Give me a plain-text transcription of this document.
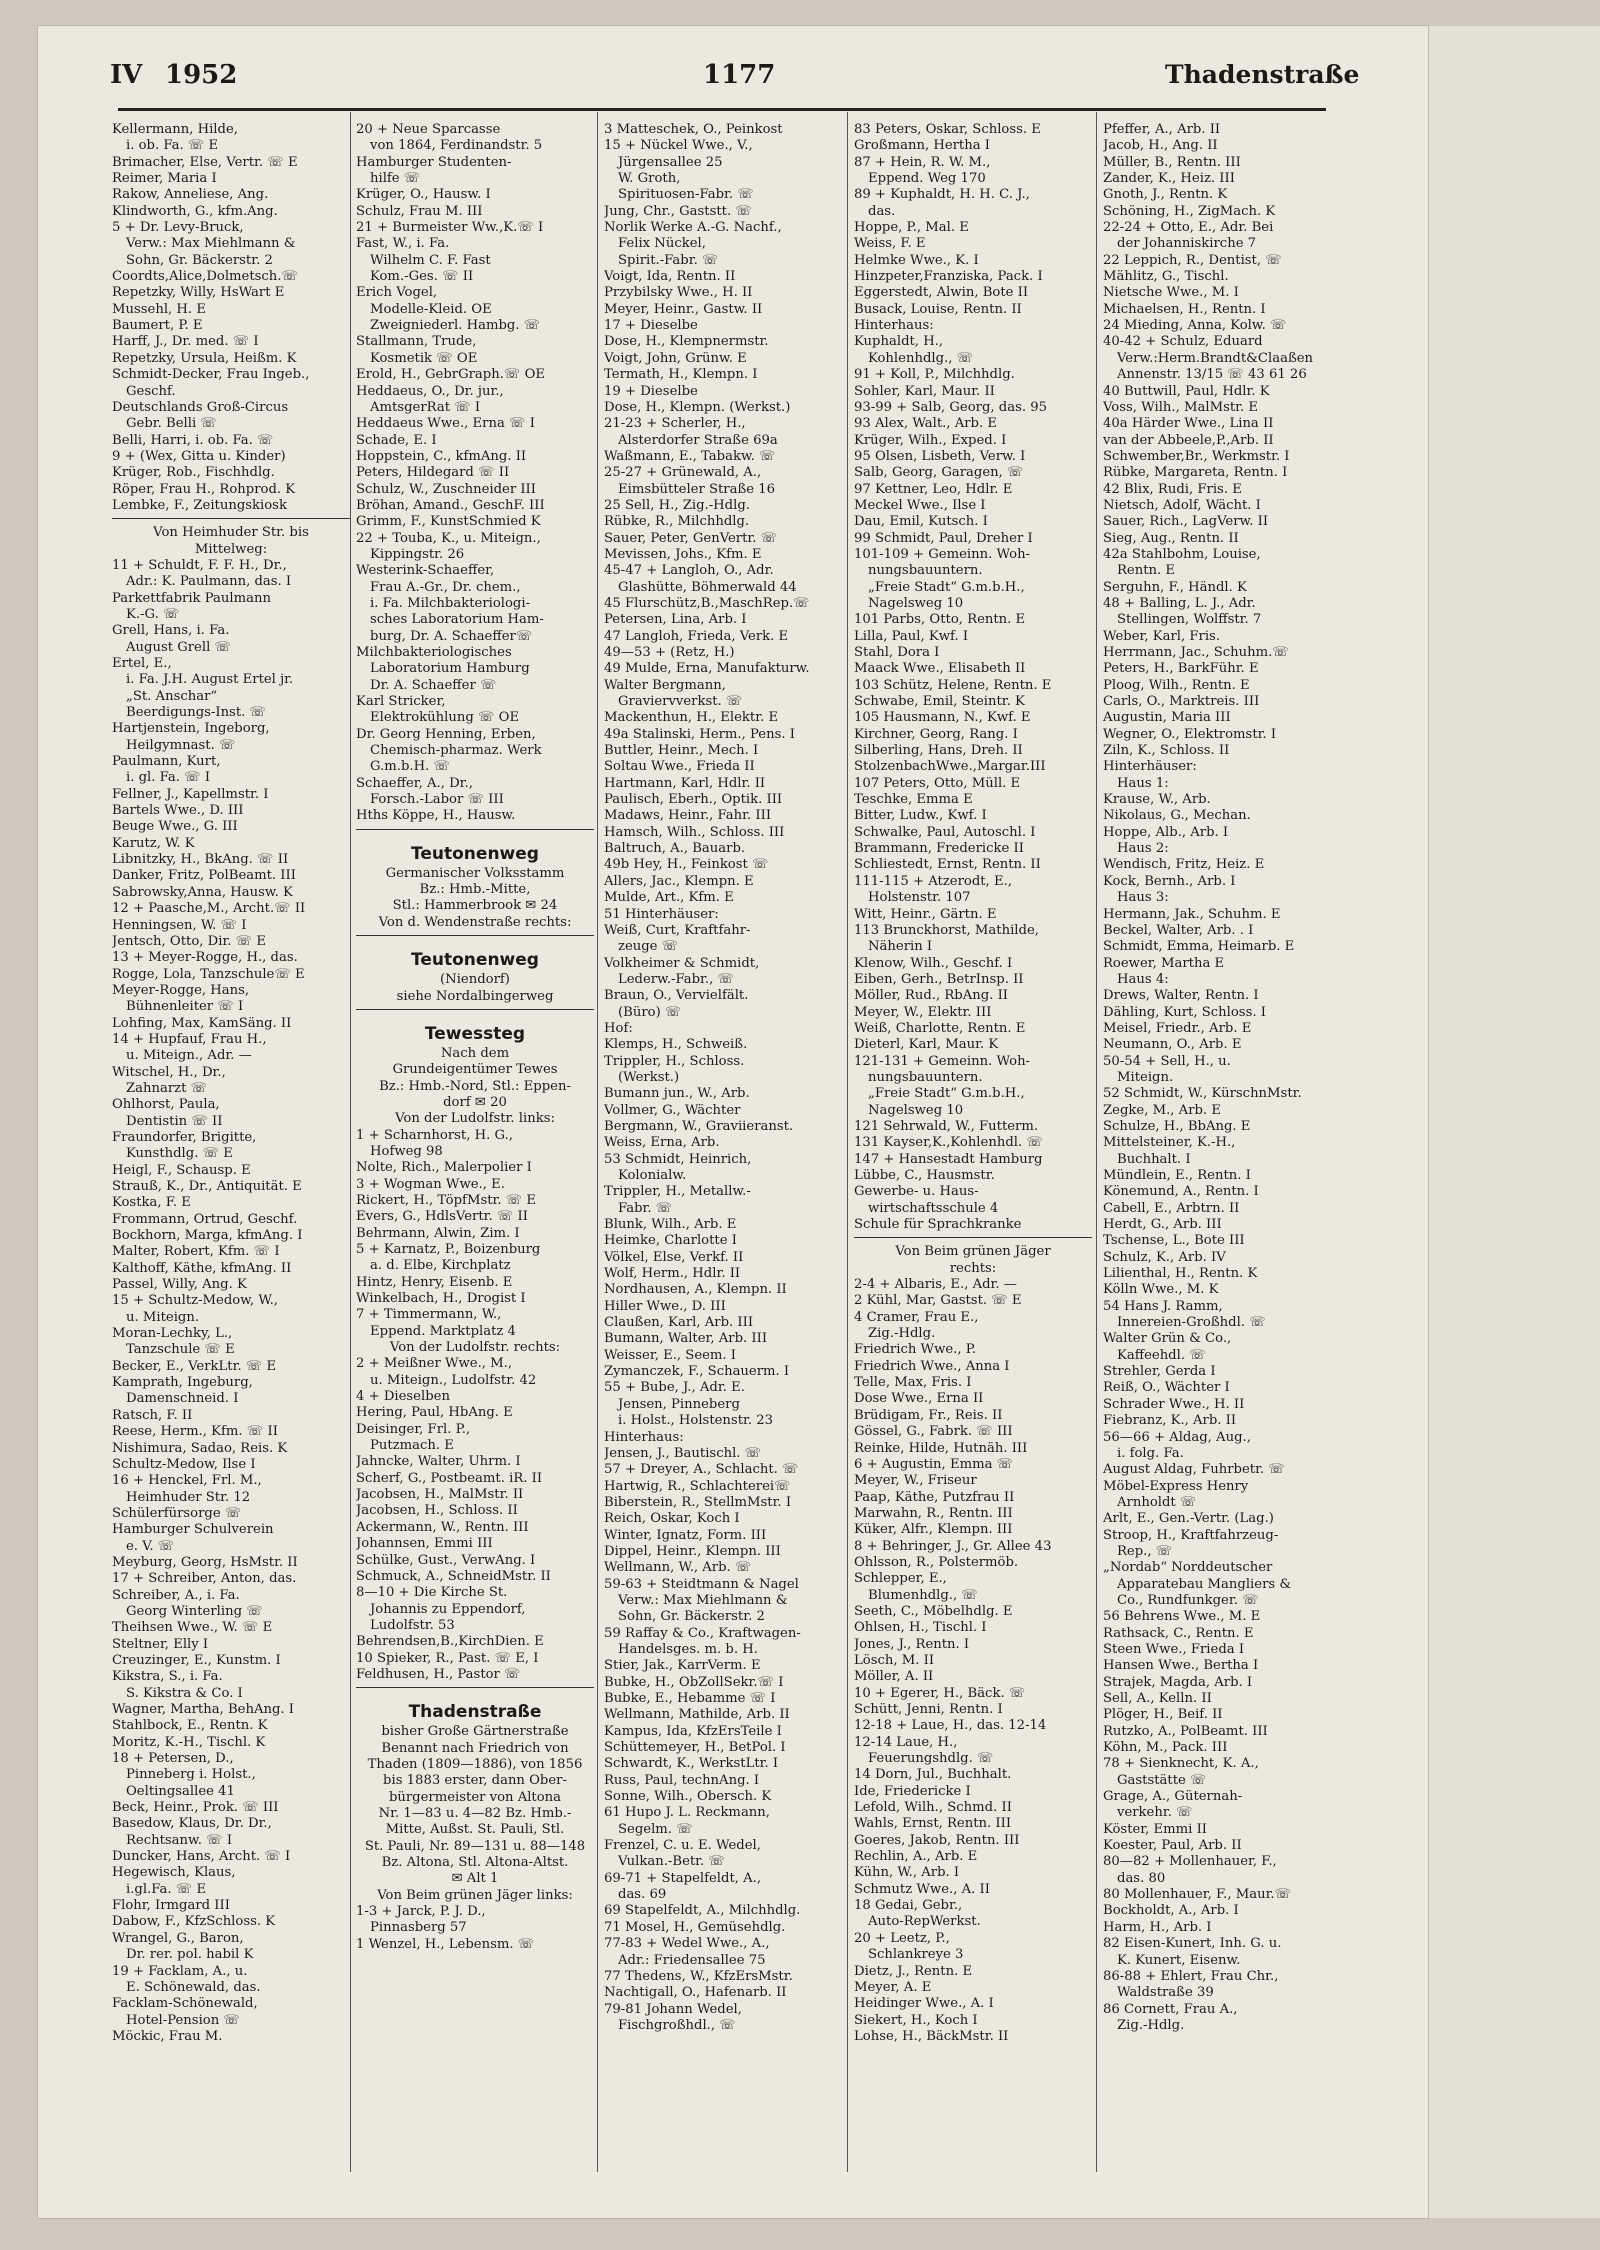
IV 1952	1177	Thadenstraße
Kellermann, Hilde,
i. ob. Fa. ☏ E
Brimacher, Else, Vertr. ☏ E
Reimer, Maria I
Rakow, Anneliese, Ang.
Klindworth, G., kfm.Ang.
5 + Dr. Levy-Bruck,
Verw.: Max Miehlmann &
Sohn, Gr. Bäckerstr. 2
Coordts,Alice,Dolmetsch.☏
Repetzky, Willy, HsWart E
Mussehl, H. E
Baumert, P. E
Harff, J., Dr. med. ☏ I
Repetzky, Ursula, Heißm. K
Schmidt-Decker, Frau Ingeb.,
Geschf.
Deutschlands Groß-Circus
Gebr. Belli ☏
Belli, Harri, i. ob. Fa. ☏
9 + (Wex, Gitta u. Kinder)
Krüger, Rob., Fischhdlg.
Röper, Frau H., Rohprod. K
Lembke, F., Zeitungskiosk
Von Heimhuder Str. bis
Mittelweg:
11 + Schuldt, F. F. H., Dr.,
Adr.: K. Paulmann, das. I
Parkettfabrik Paulmann
K.-G. ☏
Grell, Hans, i. Fa.
August Grell ☏
Ertel, E.,
i. Fa. J.H. August Ertel jr.
„St. Anschar“
Beerdigungs-Inst. ☏
Hartjenstein, Ingeborg,
Heilgymnast. ☏
Paulmann, Kurt,
i. gl. Fa. ☏ I
Fellner, J., Kapellmstr. I
Bartels Wwe., D. III
Beuge Wwe., G. III
Karutz, W. K
Libnitzky, H., BkAng. ☏ II
Danker, Fritz, PolBeamt. III
Sabrowsky,Anna, Hausw. K
12 + Paasche,M., Archt.☏ II
Henningsen, W. ☏ I
Jentsch, Otto, Dir. ☏ E
13 + Meyer-Rogge, H., das.
Rogge, Lola, Tanzschule☏ E
Meyer-Rogge, Hans,
Bühnenleiter ☏ I
Lohfing, Max, KamSäng. II
14 + Hupfauf, Frau H.,
u. Miteign., Adr. —
Witschel, H., Dr.,
Zahnarzt ☏
Ohlhorst, Paula,
Dentistin ☏ II
Fraundorfer, Brigitte,
Kunsthdlg. ☏ E
Heigl, F., Schausp. E
Strauß, K., Dr., Antiquität. E
Kostka, F. E
Frommann, Ortrud, Geschf.
Bockhorn, Marga, kfmAng. I
Malter, Robert, Kfm. ☏ I
Kalthoff, Käthe, kfmAng. II
Passel, Willy, Ang. K
15 + Schultz-Medow, W.,
u. Miteign.
Moran-Lechky, L.,
Tanzschule ☏ E
Becker, E., VerkLtr. ☏ E
Kamprath, Ingeburg,
Damenschneid. I
Ratsch, F. II
Reese, Herm., Kfm. ☏ II
Nishimura, Sadao, Reis. K
Schultz-Medow, Ilse I
16 + Henckel, Frl. M.,
Heimhuder Str. 12
Schülerfürsorge ☏
Hamburger Schulverein
e. V. ☏
Meyburg, Georg, HsMstr. II
17 + Schreiber, Anton, das.
Schreiber, A., i. Fa.
Georg Winterling ☏
Theihsen Wwe., W. ☏ E
Steltner, Elly I
Creuzinger, E., Kunstm. I
Kikstra, S., i. Fa.
S. Kikstra & Co. I
Wagner, Martha, BehAng. I
Stahlbock, E., Rentn. K
Moritz, K.-H., Tischl. K
18 + Petersen, D.,
Pinneberg i. Holst.,
Oeltingsallee 41
Beck, Heinr., Prok. ☏ III
Basedow, Klaus, Dr. Dr.,
Rechtsanw. ☏ I
Duncker, Hans, Archt. ☏ I
Hegewisch, Klaus,
i.gl.Fa. ☏ E
Flohr, Irmgard III
Dabow, F., KfzSchloss. K
Wrangel, G., Baron,
Dr. rer. pol. habil K
19 + Facklam, A., u.
E. Schönewald, das.
Facklam-Schönewald,
Hotel-Pension ☏
Möckic, Frau M.
20 + Neue Sparcasse
von 1864, Ferdinandstr. 5
Hamburger Studenten-
hilfe ☏
Krüger, O., Hausw. I
Schulz, Frau M. III
21 + Burmeister Ww.,K.☏ I
Fast, W., i. Fa.
Wilhelm C. F. Fast
Kom.-Ges. ☏ II
Erich Vogel,
Modelle-Kleid. OE
Zweigniederl. Hambg. ☏
Stallmann, Trude,
Kosmetik ☏ OE
Erold, H., GebrGraph.☏ OE
Heddaeus, O., Dr. jur.,
AmtsgerRat ☏ I
Heddaeus Wwe., Erna ☏ I
Schade, E. I
Hoppstein, C., kfmAng. II
Peters, Hildegard ☏ II
Schulz, W., Zuschneider III
Bröhan, Amand., GeschF. III
Grimm, F., KunstSchmied K
22 + Touba, K., u. Miteign.,
Kippingstr. 26
Westerink-Schaeffer,
Frau A.-Gr., Dr. chem.,
i. Fa. Milchbakteriologi-
sches Laboratorium Ham-
burg, Dr. A. Schaeffer☏
Milchbakteriologisches
Laboratorium Hamburg
Dr. A. Schaeffer ☏
Karl Stricker,
Elektrokühlung ☏ OE
Dr. Georg Henning, Erben,
Chemisch-pharmaz. Werk
G.m.b.H. ☏
Schaeffer, A., Dr.,
Forsch.-Labor ☏ III
Hths Köppe, H., Hausw.
Teutonenweg
Germanischer Volksstamm
Bz.: Hmb.-Mitte,
Stl.: Hammerbrook ✉ 24
Von d. Wendenstraße rechts:
Teutonenweg
(Niendorf)
siehe Nordalbingerweg
Tewessteg
Nach dem
Grundeigentümer Tewes
Bz.: Hmb.-Nord, Stl.: Eppen-
dorf ✉ 20
Von der Ludolfstr. links:
1 + Scharnhorst, H. G.,
Hofweg 98
Nolte, Rich., Malerpolier I
3 + Wogman Wwe., E.
Rickert, H., TöpfMstr. ☏ E
Evers, G., HdlsVertr. ☏ II
Behrmann, Alwin, Zim. I
5 + Karnatz, P., Boizenburg
a. d. Elbe, Kirchplatz
Hintz, Henry, Eisenb. E
Winkelbach, H., Drogist I
7 + Timmermann, W.,
Eppend. Marktplatz 4
Von der Ludolfstr. rechts:
2 + Meißner Wwe., M.,
u. Miteign., Ludolfstr. 42
4 + Dieselben
Hering, Paul, HbAng. E
Deisinger, Frl. P.,
Putzmach. E
Jahncke, Walter, Uhrm. I
Scherf, G., Postbeamt. iR. II
Jacobsen, H., MalMstr. II
Jacobsen, H., Schloss. II
Ackermann, W., Rentn. III
Johannsen, Emmi III
Schülke, Gust., VerwAng. I
Schmuck, A., SchneidMstr. II
8—10 + Die Kirche St.
Johannis zu Eppendorf,
Ludolfstr. 53
Behrendsen,B.,KirchDien. E
10 Spieker, R., Past. ☏ E, I
Feldhusen, H., Pastor ☏
Thadenstraße
bisher Große Gärtnerstraße
Benannt nach Friedrich von
Thaden (1809—1886), von 1856
bis 1883 erster, dann Ober-
bürgermeister von Altona
Nr. 1—83 u. 4—82 Bz. Hmb.-
Mitte, Außst. St. Pauli, Stl.
St. Pauli, Nr. 89—131 u. 88—148
Bz. Altona, Stl. Altona-Altst.
✉ Alt 1
Von Beim grünen Jäger links:
1-3 + Jarck, P. J. D.,
Pinnasberg 57
1 Wenzel, H., Lebensm. ☏
3 Matteschek, O., Peinkost
15 + Nückel Wwe., V.,
Jürgensallee 25
W. Groth,
Spirituosen-Fabr. ☏
Jung, Chr., Gaststt. ☏
Norlik Werke A.-G. Nachf.,
Felix Nückel,
Spirit.-Fabr. ☏
Voigt, Ida, Rentn. II
Przybilsky Wwe., H. II
Meyer, Heinr., Gastw. II
17 + Dieselbe
Dose, H., Klempnermstr.
Voigt, John, Grünw. E
Termath, H., Klempn. I
19 + Dieselbe
Dose, H., Klempn. (Werkst.)
21-23 + Scherler, H.,
Alsterdorfer Straße 69a
Waßmann, E., Tabakw. ☏
25-27 + Grünewald, A.,
Eimsbütteler Straße 16
25 Sell, H., Zig.-Hdlg.
Rübke, R., Milchhdlg.
Sauer, Peter, GenVertr. ☏
Mevissen, Johs., Kfm. E
45-47 + Langloh, O., Adr.
Glashütte, Böhmerwald 44
45 Flurschütz,B.,MaschRep.☏
Petersen, Lina, Arb. I
47 Langloh, Frieda, Verk. E
49—53 + (Retz, H.)
49 Mulde, Erna, Manufakturw.
Walter Bergmann,
Graviervverkst. ☏
Mackenthun, H., Elektr. E
49a Stalinski, Herm., Pens. I
Buttler, Heinr., Mech. I
Soltau Wwe., Frieda II
Hartmann, Karl, Hdlr. II
Paulisch, Eberh., Optik. III
Madaws, Heinr., Fahr. III
Hamsch, Wilh., Schloss. III
Baltruch, A., Bauarb.
49b Hey, H., Feinkost ☏
Allers, Jac., Klempn. E
Mulde, Art., Kfm. E
51 Hinterhäuser:
Weiß, Curt, Kraftfahr-
zeuge ☏
Volkheimer & Schmidt,
Lederw.-Fabr., ☏
Braun, O., Vervielfält.
(Büro) ☏
Hof:
Klemps, H., Schweiß.
Trippler, H., Schloss.
(Werkst.)
Bumann jun., W., Arb.
Vollmer, G., Wächter
Bergmann, W., Graviieranst.
Weiss, Erna, Arb.
53 Schmidt, Heinrich,
Kolonialw.
Trippler, H., Metallw.-
Fabr. ☏
Blunk, Wilh., Arb. E
Heimke, Charlotte I
Völkel, Else, Verkf. II
Wolf, Herm., Hdlr. II
Nordhausen, A., Klempn. II
Hiller Wwe., D. III
Claußen, Karl, Arb. III
Bumann, Walter, Arb. III
Weisser, E., Seem. I
Zymanczek, F., Schauerm. I
55 + Bube, J., Adr. E.
Jensen, Pinneberg
i. Holst., Holstenstr. 23
Hinterhaus:
Jensen, J., Bautischl. ☏
57 + Dreyer, A., Schlacht. ☏
Hartwig, R., Schlachterei☏
Biberstein, R., StellmMstr. I
Reich, Oskar, Koch I
Winter, Ignatz, Form. III
Dippel, Heinr., Klempn. III
Wellmann, W., Arb. ☏
59-63 + Steidtmann & Nagel
Verw.: Max Miehlmann &
Sohn, Gr. Bäckerstr. 2
59 Raffay & Co., Kraftwagen-
Handelsges. m. b. H.
Stier, Jak., KarrVerm. E
Bubke, H., ObZollSekr.☏ I
Bubke, E., Hebamme ☏ I
Wellmann, Mathilde, Arb. II
Kampus, Ida, KfzErsTeile I
Schüttemeyer, H., BetPol. I
Schwardt, K., WerkstLtr. I
Russ, Paul, technAng. I
Sonne, Wilh., Obersch. K
61 Hupo J. L. Reckmann,
Segelm. ☏
Frenzel, C. u. E. Wedel,
Vulkan.-Betr. ☏
69-71 + Stapelfeldt, A.,
das. 69
69 Stapelfeldt, A., Milchhdlg.
71 Mosel, H., Gemüsehdlg.
77-83 + Wedel Wwe., A.,
Adr.: Friedensallee 75
77 Thedens, W., KfzErsMstr.
Nachtigall, O., Hafenarb. II
79-81 Johann Wedel,
Fischgroßhdl., ☏
83 Peters, Oskar, Schloss. E
Großmann, Hertha I
87 + Hein, R. W. M.,
Eppend. Weg 170
89 + Kuphaldt, H. H. C. J.,
das.
Hoppe, P., Mal. E
Weiss, F. E
Helmke Wwe., K. I
Hinzpeter,Franziska, Pack. I
Eggerstedt, Alwin, Bote II
Busack, Louise, Rentn. II
Hinterhaus:
Kuphaldt, H.,
Kohlenhdlg., ☏
91 + Koll, P., Milchhdlg.
Sohler, Karl, Maur. II
93-99 + Salb, Georg, das. 95
93 Alex, Walt., Arb. E
Krüger, Wilh., Exped. I
95 Olsen, Lisbeth, Verw. I
Salb, Georg, Garagen, ☏
97 Kettner, Leo, Hdlr. E
Meckel Wwe., Ilse I
Dau, Emil, Kutsch. I
99 Schmidt, Paul, Dreher I
101-109 + Gemeinn. Woh-
nungsbauuntern.
„Freie Stadt“ G.m.b.H.,
Nagelsweg 10
101 Parbs, Otto, Rentn. E
Lilla, Paul, Kwf. I
Stahl, Dora I
Maack Wwe., Elisabeth II
103 Schütz, Helene, Rentn. E
Schwabe, Emil, Steintr. K
105 Hausmann, N., Kwf. E
Kirchner, Georg, Rang. I
Silberling, Hans, Dreh. II
StolzenbachWwe.,Margar.III
107 Peters, Otto, Müll. E
Teschke, Emma E
Bitter, Ludw., Kwf. I
Schwalke, Paul, Autoschl. I
Brammann, Fredericke II
Schliestedt, Ernst, Rentn. II
111-115 + Atzerodt, E.,
Holstenstr. 107
Witt, Heinr., Gärtn. E
113 Brunckhorst, Mathilde,
Näherin I
Klenow, Wilh., Geschf. I
Eiben, Gerh., BetrInsp. II
Möller, Rud., RbAng. II
Meyer, W., Elektr. III
Weiß, Charlotte, Rentn. E
Dieterl, Karl, Maur. K
121-131 + Gemeinn. Woh-
nungsbauuntern.
„Freie Stadt“ G.m.b.H.,
Nagelsweg 10
121 Sehrwald, W., Futterm.
131 Kayser,K.,Kohlenhdl. ☏
147 + Hansestadt Hamburg
Lübbe, C., Hausmstr.
Gewerbe- u. Haus-
wirtschaftsschule 4
Schule für Sprachkranke
Von Beim grünen Jäger
rechts:
2-4 + Albaris, E., Adr. —
2 Kühl, Mar, Gastst. ☏ E
4 Cramer, Frau E.,
Zig.-Hdlg.
Friedrich Wwe., P.
Friedrich Wwe., Anna I
Telle, Max, Fris. I
Dose Wwe., Erna II
Brüdigam, Fr., Reis. II
Gössel, G., Fabrk. ☏ III
Reinke, Hilde, Hutnäh. III
6 + Augustin, Emma ☏
Meyer, W., Friseur
Paap, Käthe, Putzfrau II
Marwahn, R., Rentn. III
Küker, Alfr., Klempn. III
8 + Behringer, J., Gr. Allee 43
Ohlsson, R., Polstermöb.
Schlepper, E.,
Blumenhdlg., ☏
Seeth, C., Möbelhdlg. E
Ohlsen, H., Tischl. I
Jones, J., Rentn. I
Lösch, M. II
Möller, A. II
10 + Egerer, H., Bäck. ☏
Schütt, Jenni, Rentn. I
12-18 + Laue, H., das. 12-14
12-14 Laue, H.,
Feuerungshdlg. ☏
14 Dorn, Jul., Buchhalt.
Ide, Friedericke I
Lefold, Wilh., Schmd. II
Wahls, Ernst, Rentn. III
Goeres, Jakob, Rentn. III
Rechlin, A., Arb. E
Kühn, W., Arb. I
Schmutz Wwe., A. II
18 Gedai, Gebr.,
Auto-RepWerkst.
20 + Leetz, P.,
Schlankreye 3
Dietz, J., Rentn. E
Meyer, A. E
Heidinger Wwe., A. I
Siekert, H., Koch I
Lohse, H., BäckMstr. II
Pfeffer, A., Arb. II
Jacob, H., Ang. II
Müller, B., Rentn. III
Zander, K., Heiz. III
Gnoth, J., Rentn. K
Schöning, H., ZigMach. K
22-24 + Otto, E., Adr. Bei
der Johanniskirche 7
22 Leppich, R., Dentist, ☏
Mählitz, G., Tischl.
Nietsche Wwe., M. I
Michaelsen, H., Rentn. I
24 Mieding, Anna, Kolw. ☏
40-42 + Schulz, Eduard
Verw.:Herm.Brandt&Claaßen
Annenstr. 13/15 ☏ 43 61 26
40 Buttwill, Paul, Hdlr. K
Voss, Wilh., MalMstr. E
40a Härder Wwe., Lina II
van der Abbeele,P.,Arb. II
Schwember,Br., Werkmstr. I
Rübke, Margareta, Rentn. I
42 Blix, Rudi, Fris. E
Nietsch, Adolf, Wächt. I
Sauer, Rich., LagVerw. II
Sieg, Aug., Rentn. II
42a Stahlbohm, Louise,
Rentn. E
Serguhn, F., Händl. K
48 + Balling, L. J., Adr.
Stellingen, Wolffstr. 7
Weber, Karl, Fris.
Herrmann, Jac., Schuhm.☏
Peters, H., BarkFühr. E
Ploog, Wilh., Rentn. E
Carls, O., Marktreis. III
Augustin, Maria III
Wegner, O., Elektromstr. I
Ziln, K., Schloss. II
Hinterhäuser:
Haus 1:
Krause, W., Arb.
Nikolaus, G., Mechan.
Hoppe, Alb., Arb. I
Haus 2:
Wendisch, Fritz, Heiz. E
Kock, Bernh., Arb. I
Haus 3:
Hermann, Jak., Schuhm. E
Beckel, Walter, Arb. . I
Schmidt, Emma, Heimarb. E
Roewer, Martha E
Haus 4:
Drews, Walter, Rentn. I
Dähling, Kurt, Schloss. I
Meisel, Friedr., Arb. E
Neumann, O., Arb. E
50-54 + Sell, H., u.
Miteign.
52 Schmidt, W., KürschnMstr.
Zegke, M., Arb. E
Schulze, H., BbAng. E
Mittelsteiner, K.-H.,
Buchhalt. I
Mündlein, E., Rentn. I
Könemund, A., Rentn. I
Cabell, E., Arbtrn. II
Herdt, G., Arb. III
Tschense, L., Bote III
Schulz, K., Arb. IV
Lilienthal, H., Rentn. K
Kölln Wwe., M. K
54 Hans J. Ramm,
Innereien-Großhdl. ☏
Walter Grün & Co.,
Kaffeehdl. ☏
Strehler, Gerda I
Reiß, O., Wächter I
Schrader Wwe., H. II
Fiebranz, K., Arb. II
56—66 + Aldag, Aug.,
i. folg. Fa.
August Aldag, Fuhrbetr. ☏
Möbel-Express Henry
Arnholdt ☏
Arlt, E., Gen.-Vertr. (Lag.)
Stroop, H., Kraftfahrzeug-
Rep., ☏
„Nordab“ Norddeutscher
Apparatebau Mangliers &
Co., Rundfunkger. ☏
56 Behrens Wwe., M. E
Rathsack, C., Rentn. E
Steen Wwe., Frieda I
Hansen Wwe., Bertha I
Strajek, Magda, Arb. I
Sell, A., Kelln. II
Plöger, H., Beif. II
Rutzko, A., PolBeamt. III
Köhn, M., Pack. III
78 + Sienknecht, K. A.,
Gaststätte ☏
Grage, A., Güternah-
verkehr. ☏
Köster, Emmi II
Koester, Paul, Arb. II
80—82 + Mollenhauer, F.,
das. 80
80 Mollenhauer, F., Maur.☏
Bockholdt, A., Arb. I
Harm, H., Arb. I
82 Eisen-Kunert, Inh. G. u.
K. Kunert, Eisenw.
86-88 + Ehlert, Frau Chr.,
Waldstraße 39
86 Cornett, Frau A.,
Zig.-Hdlg.
